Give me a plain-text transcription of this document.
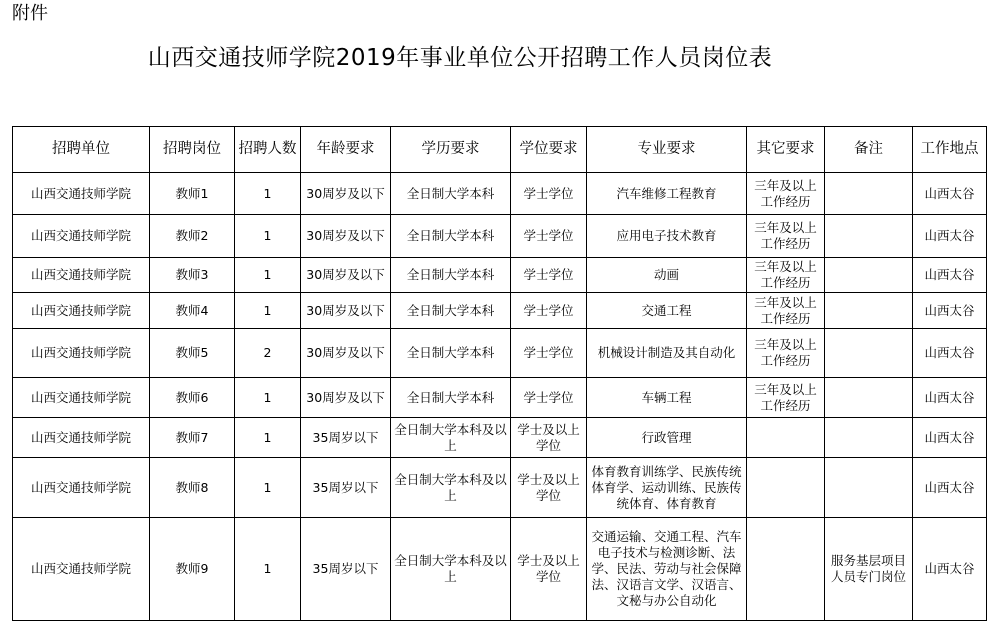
附件
山西交通技师学院2019年事业单位公开招聘工作人员岗位表
招聘单位	招聘岗位	招聘人数	年龄要求	学历要求	学位要求	专业要求	其它要求	备注	工作地点
山西交通技师学院	教师1	1	30周岁及以下	全日制大学本科	学士学位	汽车维修工程教育	三年及以上工作经历		山西太谷
山西交通技师学院	教师2	1	30周岁及以下	全日制大学本科	学士学位	应用电子技术教育	三年及以上工作经历		山西太谷
山西交通技师学院	教师3	1	30周岁及以下	全日制大学本科	学士学位	动画	三年及以上工作经历		山西太谷
山西交通技师学院	教师4	1	30周岁及以下	全日制大学本科	学士学位	交通工程	三年及以上工作经历		山西太谷
山西交通技师学院	教师5	2	30周岁及以下	全日制大学本科	学士学位	机械设计制造及其自动化	三年及以上工作经历		山西太谷
山西交通技师学院	教师6	1	30周岁及以下	全日制大学本科	学士学位	车辆工程	三年及以上工作经历		山西太谷
山西交通技师学院	教师7	1	35周岁以下	全日制大学本科及以上	学士及以上学位	行政管理			山西太谷
山西交通技师学院	教师8	1	35周岁以下	全日制大学本科及以上	学士及以上学位	体育教育训练学、民族传统体育学、运动训练、民族传统体育、体育教育			山西太谷
山西交通技师学院	教师9	1	35周岁以下	全日制大学本科及以上	学士及以上学位	交通运输、交通工程、汽车电子技术与检测诊断、法学、民法、劳动与社会保障法、汉语言文学、汉语言、文秘与办公自动化		服务基层项目人员专门岗位	山西太谷
